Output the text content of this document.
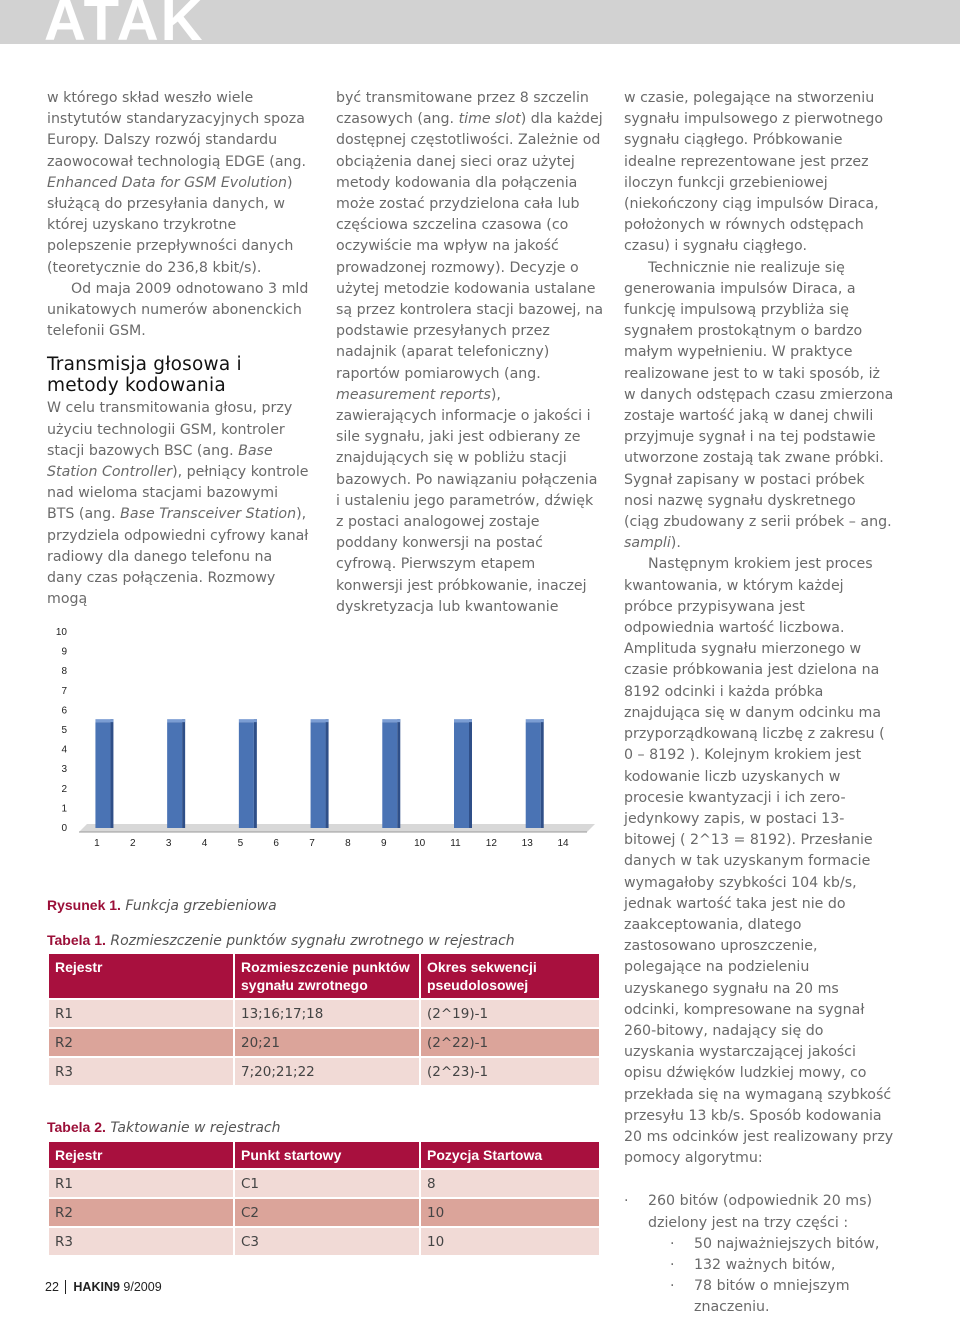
ATAK

w którego skład weszło wiele instytutów standaryzacyjnych spoza Europy. Dalszy rozwój standardu zaowocował technologią EDGE (ang. Enhanced Data for GSM Evolution) służącą do przesyłania danych, w której uzyskano trzykrotne polepszenie przepływności danych (teoretycznie do 236,8 kbit/s).

Od maja 2009 odnotowano 3 mld unikatowych numerów abonenckich telefonii GSM.

Transmisja głosowa i metody kodowania

W celu transmitowania głosu, przy użyciu technologii GSM, kontroler stacji bazowych BSC (ang. Base Station Controller), pełniący kontrole nad wieloma stacjami bazowymi BTS (ang. Base Transceiver Station), przydziela odpowiedni cyfrowy kanał radiowy dla danego telefonu na dany czas połączenia. Rozmowy mogą

być transmitowane przez 8 szczelin czasowych (ang. time slot) dla każdej dostępnej częstotliwości. Zależnie od obciążenia danej sieci oraz użytej metody kodowania dla połączenia może zostać przydzielona cała lub częściowa szczelina czasowa (co oczywiście ma wpływ na jakość prowadzonej rozmowy). Decyzje o użytej metodzie kodowania ustalane są przez kontrolera stacji bazowej, na podstawie przesyłanych przez nadajnik (aparat telefoniczny) raportów pomiarowych (ang. measurement reports), zawierających informacje o jakości i sile sygnału, jaki jest odbierany ze znajdujących się w pobliżu stacji bazowych. Po nawiązaniu połączenia i ustaleniu jego parametrów, dźwięk z postaci analogowej zostaje poddany konwersji na postać cyfrową. Pierwszym etapem konwersji jest próbkowanie, inaczej dyskretyzacja lub kwantowanie

w czasie, polegające na stworzeniu sygnału impulsowego z pierwotnego sygnału ciągłego. Próbkowanie idealne reprezentowane jest przez iloczyn funkcji grzebieniowej (niekończony ciąg impulsów Diraca, położonych w równych odstępach czasu) i sygnału ciągłego.

Technicznie nie realizuje się generowania impulsów Diraca, a funkcję impulsową przybliża się sygnałem prostokątnym o bardzo małym wypełnieniu. W praktyce realizowane jest to w taki sposób, iż w danych odstępach czasu zmierzona zostaje wartość jaką w danej chwili przyjmuje sygnał i na tej podstawie utworzone zostają tak zwane próbki. Sygnał zapisany w postaci próbek nosi nazwę sygnału dyskretnego (ciąg zbudowany z serii próbek – ang. sampli).

Następnym krokiem jest proces kwantowania, w którym każdej próbce przypisywana jest odpowiednia wartość liczbowa. Amplituda sygnału mierzonego w czasie próbkowania jest dzielona na 8192 odcinki i każda próbka znajdująca się w danym odcinku ma przyporządkowaną liczbę z zakresu ( 0 – 8192 ). Kolejnym krokiem jest kodowanie liczb uzyskanych w procesie kwantyzacji i ich zero-jedynkowy zapis, w postaci 13-bitowej ( 2^13 = 8192). Przesłanie danych w tak uzyskanym formacie wymagałoby szybkości 104 kb/s, jednak wartość taka jest nie do zaakceptowania, dlatego zastosowano uproszczenie, polegające na podzieleniu uzyskanego sygnału na 20 ms odcinki, kompresowane na sygnał 260-bitowy, nadający się do uzyskania wystarczającej jakości opisu dźwięków ludzkiej mowy, co przekłada się na wymaganą szybkość przesyłu 13 kb/s. Sposób kodowania 20 ms odcinków jest realizowany przy pomocy algorytmu:

· 260 bitów (odpowiednik 20 ms) dzielony jest na trzy części :
· 50 najważniejszych bitów,
· 132 ważnych bitów,
· 78 bitów o mniejszym znaczeniu.
0
1
2
3
4
5
6
7
8
9
10
1	2	3	4	5	6	7	8	9	10	11	12 13 14
Rysunek 1. Funkcja grzebieniowa
Tabela 1. Rozmieszczenie punktów sygnału zwrotnego w rejestrach
Rejestr	Rozmieszczenie punktów sygnału zwrotnego	Okres sekwencji pseudolosowej
R1	13;16;17;18	(2^19)-1
R2	20;21	(2^22)-1
R3	7;20;21;22	(2^23)-1
Tabela 2. Taktowanie w rejestrach
Rejestr	Punkt startowy	Pozycja Startowa
R1	C1	8
R2	C2	10
R3	C3	10
22 HAKIN9 9/2009
